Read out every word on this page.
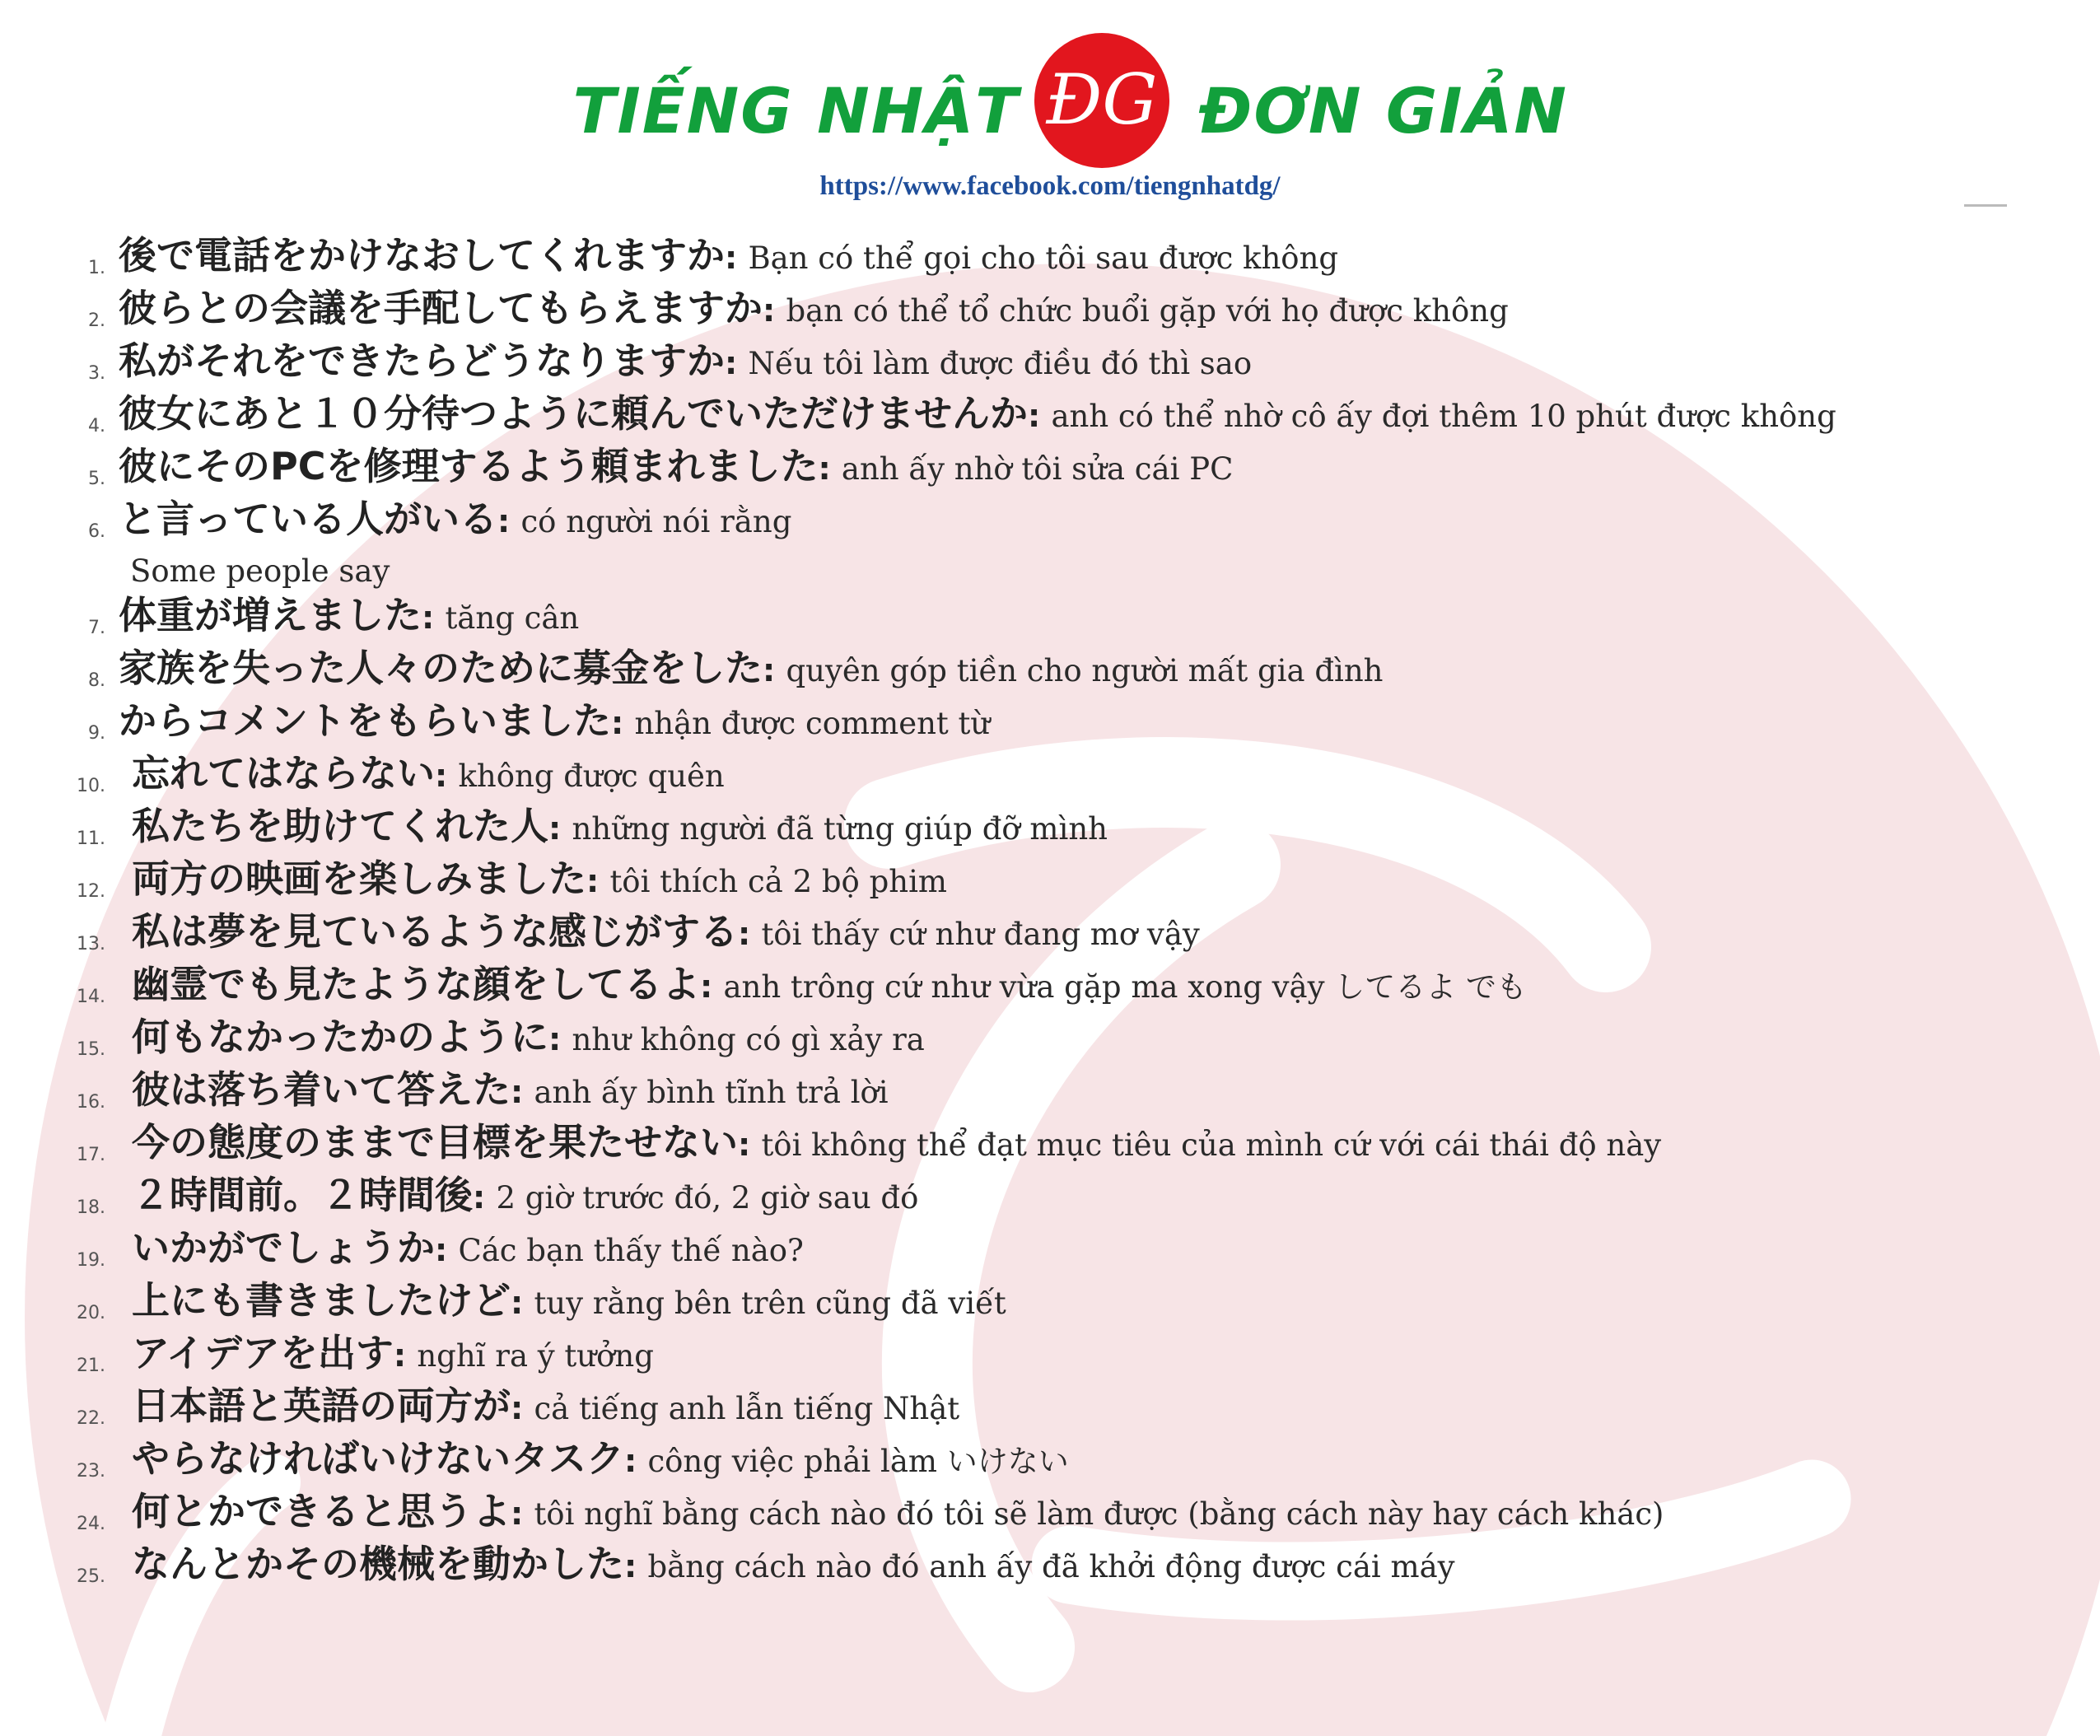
TIẾNG NHẬT ĐG ĐƠN GIẢN
https://www.facebook.com/tiengnhatdg/
1. 後で電話をかけなおしてくれますか: Bạn có thể gọi cho tôi sau được không
2. 彼らとの会議を手配してもらえますか: bạn có thể tổ chức buổi gặp với họ được không
3. 私がそれをできたらどうなりますか: Nếu tôi làm được điều đó thì sao
4. 彼女にあと１０分待つように頼んでいただけませんか: anh có thể nhờ cô ấy đợi thêm 10 phút được không
5. 彼にそのPCを修理するよう頼まれました: anh ấy nhờ tôi sửa cái PC
6. と言っている人がいる: có người nói rằng
Some people say
7. 体重が増えました: tăng cân
8. 家族を失った人々のために募金をした: quyên góp tiền cho người mất gia đình
9. からコメントをもらいました: nhận được comment từ
10. 忘れてはならない: không được quên
11. 私たちを助けてくれた人: những người đã từng giúp đỡ mình
12. 両方の映画を楽しみました: tôi thích cả 2 bộ phim
13. 私は夢を見ているような感じがする: tôi thấy cứ như đang mơ vậy
14. 幽霊でも見たような顔をしてるよ: anh trông cứ như vừa gặp ma xong vậy してるよ でも
15. 何もなかったかのように: như không có gì xảy ra
16. 彼は落ち着いて答えた: anh ấy bình tĩnh trả lời
17. 今の態度のままで目標を果たせない: tôi không thể đạt mục tiêu của mình cứ với cái thái độ này
18. ２時間前。２時間後: 2 giờ trước đó, 2 giờ sau đó
19. いかがでしょうか: Các bạn thấy thế nào?
20. 上にも書きましたけど: tuy rằng bên trên cũng đã viết
21. アイデアを出す: nghĩ ra ý tưởng
22. 日本語と英語の両方が: cả tiếng anh lẫn tiếng Nhật
23. やらなければいけないタスク: công việc phải làm いけない
24. 何とかできると思うよ: tôi nghĩ bằng cách nào đó tôi sẽ làm được (bằng cách này hay cách khác)
25. なんとかその機械を動かした: bằng cách nào đó anh ấy đã khởi động được cái máy
